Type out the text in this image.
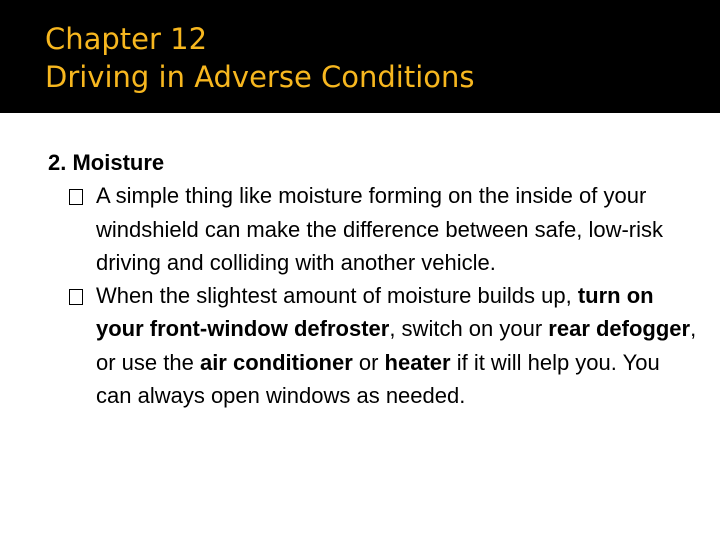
Chapter 12
Driving in Adverse Conditions

2. Moisture

A simple thing like moisture forming on the inside of your windshield can make the difference between safe, low-risk driving and colliding with another vehicle.
When the slightest amount of moisture builds up, turn on your front-window defroster, switch on your rear defogger, or use the air conditioner or heater if it will help you. You can always open windows as needed.
